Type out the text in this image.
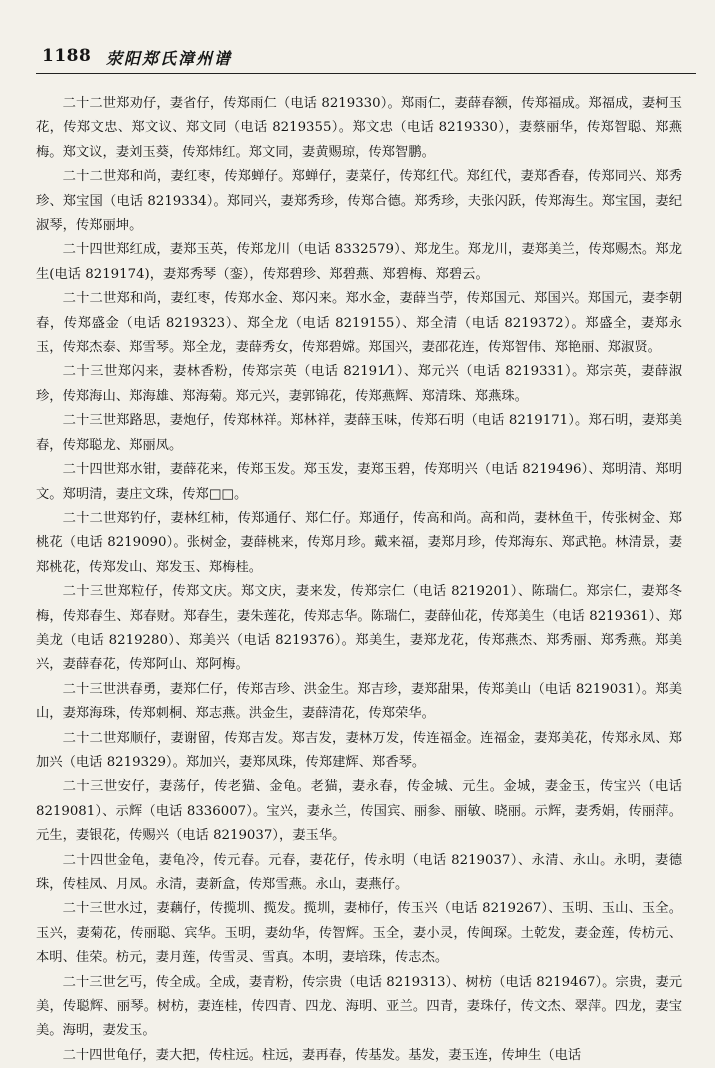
1188 荥阳郑氏漳州谱

二十二世郑劝仔，妻省仔，传郑雨仁（电话 8219330）。郑雨仁，妻薛春额，传郑福成。郑福成，妻柯玉花，传郑文忠、郑文议、郑文同（电话 8219355）。郑文忠（电话 8219330），妻蔡丽华，传郑智聪、郑燕梅。郑文议，妻刘玉葵，传郑炜红。郑文同，妻黄赐琼，传郑智鹏。

二十二世郑和尚，妻红枣，传郑蝉仔。郑蝉仔，妻菜仔，传郑红代。郑红代，妻郑香春，传郑同兴、郑秀珍、郑宝国（电话 8219334）。郑同兴，妻郑秀珍，传郑合德。郑秀珍，夫张闪跃，传郑海生。郑宝国，妻纪淑琴，传郑丽坤。

二十四世郑红成，妻郑玉英，传郑龙川（电话 8332579）、郑龙生。郑龙川，妻郑美兰，传郑赐杰。郑龙生(电话 8219174)，妻郑秀琴（銮），传郑碧珍、郑碧燕、郑碧梅、郑碧云。

二十二世郑和尚，妻红枣，传郑水金、郑闪来。郑水金，妻薛当苧，传郑国元、郑国兴。郑国元，妻李朝春，传郑盛金（电话 8219323）、郑全龙（电话 8219155）、郑全清（电话 8219372）。郑盛全，妻郑永玉，传郑杰泰、郑雪琴。郑全龙，妻薛秀女，传郑碧嫦。郑国兴，妻邵花连，传郑智伟、郑艳丽、郑淑贤。

二十三世郑闪来，妻林香粉，传郑宗英（电话 82191⁄1）、郑元兴（电话 8219331）。郑宗英，妻薛淑珍，传郑海山、郑海雄、郑海菊。郑元兴，妻郭锦花，传郑燕辉、郑清珠、郑燕珠。

二十三世郑路思，妻炮仔，传郑林祥。郑林祥，妻薛玉味，传郑石明（电话 8219171）。郑石明，妻郑美春，传郑聪龙、郑丽凤。

二十四世郑水钳，妻薛花来，传郑玉发。郑玉发，妻郑玉碧，传郑明兴（电话 8219496）、郑明清、郑明文。郑明清，妻庄文珠，传郑□□。

二十二世郑钓仔，妻林红柿，传郑通仔、郑仁仔。郑通仔，传高和尚。高和尚，妻林鱼干，传张树金、郑桃花（电话 8219090）。张树金，妻薛桃来，传郑月珍。戴来福，妻郑月珍，传郑海东、郑武艳。林清景，妻郑桃花，传郑发山、郑发玉、郑梅桂。

二十三世郑粒仔，传郑文庆。郑文庆，妻来发，传郑宗仁（电话 8219201）、陈瑞仁。郑宗仁，妻郑冬梅，传郑春生、郑春财。郑春生，妻朱莲花，传郑志华。陈瑞仁，妻薛仙花，传郑美生（电话 8219361）、郑美龙（电话 8219280）、郑美兴（电话 8219376）。郑美生，妻郑龙花，传郑燕杰、郑秀丽、郑秀燕。郑美兴，妻薛春花，传郑阿山、郑阿梅。

二十三世洪春勇，妻郑仁仔，传郑吉珍、洪金生。郑吉珍，妻郑甜果，传郑美山（电话 8219031）。郑美山，妻郑海珠，传郑刺桐、郑志燕。洪金生，妻薛清花，传郑荣华。

二十二世郑顺仔，妻谢留，传郑吉发。郑吉发，妻林万发，传连福金。连福金，妻郑美花，传郑永凤、郑加兴（电话 8219329）。郑加兴，妻郑凤珠，传郑建辉、郑香琴。

二十三世安仔，妻荡仔，传老猫、金龟。老猫，妻永春，传金城、元生。金城，妻金玉，传宝兴（电话 8219081）、示辉（电话 8336007）。宝兴，妻永兰，传国宾、丽参、丽敏、晓丽。示辉，妻秀娟，传丽萍。元生，妻银花，传赐兴（电话 8219037），妻玉华。

二十四世金龟，妻龟冷，传元春。元春，妻花仔，传永明（电话 8219037）、永清、永山。永明，妻德珠，传桂凤、月凤。永清，妻新盒，传郑雪燕。永山，妻燕仔。

二十三世水过，妻藕仔，传揽圳、揽发。揽圳，妻柿仔，传玉兴（电话 8219267）、玉明、玉山、玉全。玉兴，妻菊花，传丽聪、宾华。玉明，妻幼华，传智辉。玉全，妻小灵，传闽琛。土乾发，妻金莲，传枋元、本明、佳荣。枋元，妻月莲，传雪灵、雪真。本明，妻培珠，传志杰。

二十三世乞丐，传全成。全成，妻青粉，传宗贵（电话 8219313）、树枋（电话 8219467）。宗贵，妻元美，传聪辉、丽琴。树枋，妻连桂，传四青、四龙、海明、亚兰。四青，妻珠仔，传文杰、翠萍。四龙，妻宝美。海明，妻发玉。

二十四世龟仔，妻大把，传柱远。柱远，妻再春，传基发。基发，妻玉连，传坤生（电话
